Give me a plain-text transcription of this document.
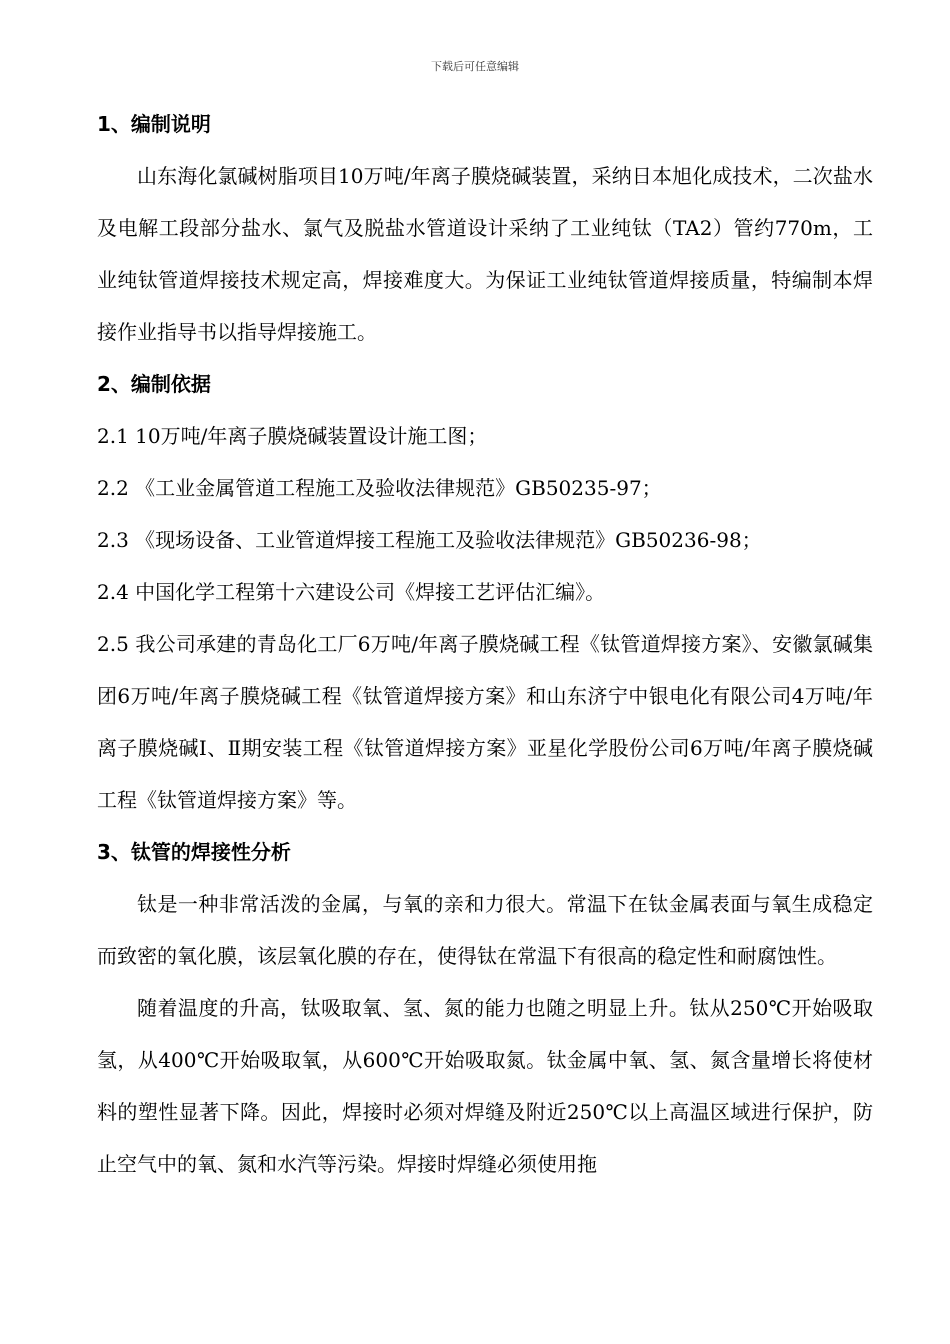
下载后可任意编辑
1、编制说明

山东海化氯碱树脂项目10万吨/年离子膜烧碱装置，采纳日本旭化成技术，二次盐水及电解工段部分盐水、氯气及脱盐水管道设计采纳了工业纯钛（TA2）管约770m，工业纯钛管道焊接技术规定高，焊接难度大。为保证工业纯钛管道焊接质量，特编制本焊接作业指导书以指导焊接施工。

2、编制依据

2.1 10万吨/年离子膜烧碱装置设计施工图；

2.2 《工业金属管道工程施工及验收法律规范》GB50235-97；

2.3 《现场设备、工业管道焊接工程施工及验收法律规范》GB50236-98；

2.4 中国化学工程第十六建设公司《焊接工艺评估汇编》。

2.5 我公司承建的青岛化工厂6万吨/年离子膜烧碱工程《钛管道焊接方案》、安徽氯碱集团6万吨/年离子膜烧碱工程《钛管道焊接方案》和山东济宁中银电化有限公司4万吨/年离子膜烧碱Ⅰ、Ⅱ期安装工程《钛管道焊接方案》亚星化学股份公司6万吨/年离子膜烧碱工程《钛管道焊接方案》等。

3、钛管的焊接性分析

钛是一种非常活泼的金属，与氧的亲和力很大。常温下在钛金属表面与氧生成稳定而致密的氧化膜，该层氧化膜的存在，使得钛在常温下有很高的稳定性和耐腐蚀性。

随着温度的升高，钛吸取氧、氢、氮的能力也随之明显上升。钛从250℃开始吸取氢，从400℃开始吸取氧，从600℃开始吸取氮。钛金属中氧、氢、氮含量增长将使材料的塑性显著下降。因此，焊接时必须对焊缝及附近250℃以上高温区域进行保护，防止空气中的氧、氮和水汽等污染。焊接时焊缝必须使用拖
